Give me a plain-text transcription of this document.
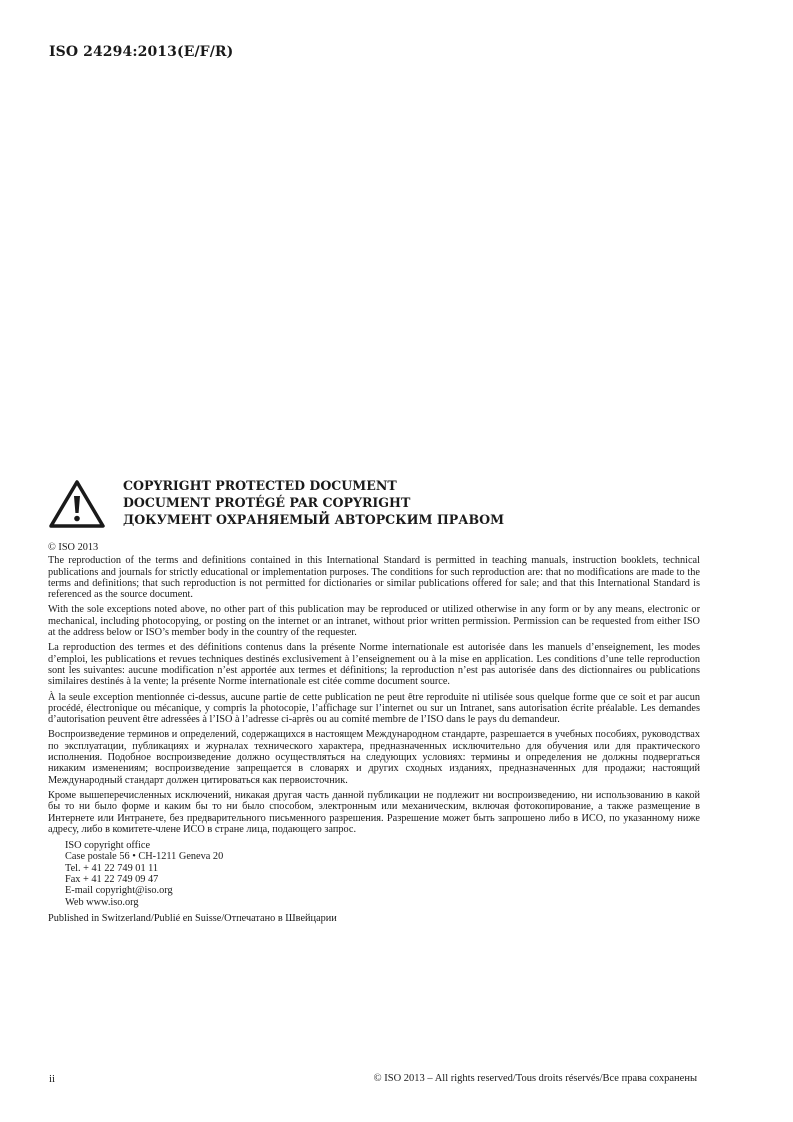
ISO 24294:2013(E/F/R)
COPYRIGHT PROTECTED DOCUMENT
DOCUMENT PROTÉGÉ PAR COPYRIGHT
ДОКУМЕНТ ОХРАНЯЕМЫЙ АВТОРСКИМ ПРАВОМ
© ISO 2013

The reproduction of the terms and definitions contained in this International Standard is permitted in teaching manuals, instruction booklets, technical publications and journals for strictly educational or implementation purposes. The conditions for such reproduction are: that no modifications are made to the terms and definitions; that such reproduction is not permitted for dictionaries or similar publications offered for sale; and that this International Standard is referenced as the source document.

With the sole exceptions noted above, no other part of this publication may be reproduced or utilized otherwise in any form or by any means, electronic or mechanical, including photocopying, or posting on the internet or an intranet, without prior written permission. Permission can be requested from either ISO at the address below or ISO’s member body in the country of the requester.

La reproduction des termes et des définitions contenus dans la présente Norme internationale est autorisée dans les manuels d’enseignement, les modes d’emploi, les publications et revues techniques destinés exclusivement à l’enseignement ou à la mise en application. Les conditions d’une telle reproduction sont les suivantes: aucune modification n’est apportée aux termes et définitions; la reproduction n’est pas autorisée dans des dictionnaires ou publications similaires destinés à la vente; la présente Norme internationale est citée comme document source.

À la seule exception mentionnée ci-dessus, aucune partie de cette publication ne peut être reproduite ni utilisée sous quelque forme que ce soit et par aucun procédé, électronique ou mécanique, y compris la photocopie, l’affichage sur l’internet ou sur un Intranet, sans autorisation écrite préalable. Les demandes d’autorisation peuvent être adressées à l’ISO à l’adresse ci-après ou au comité membre de l’ISO dans le pays du demandeur.

Воспроизведение терминов и определений, содержащихся в настоящем Международном стандарте, разрешается в учебных пособиях, руководствах по эксплуатации, публикациях и журналах технического характера, предназначенных исключительно для обучения или для практического исполнения. Подобное воспроизведение должно осуществляться на следующих условиях: термины и определения не должны подвергаться никаким изменениям; воспроизведение запрещается в словарях и других сходных изданиях, предназначенных для продажи; настоящий Международный стандарт должен цитироваться как первоисточник.

Кроме вышеперечисленных исключений, никакая другая часть данной публикации не подлежит ни воспроизведению, ни использованию в какой бы то ни было форме и каким бы то ни было способом, электронным или механическим, включая фотокопирование, а также размещение в Интернете или Интранете, без предварительного письменного разрешения. Разрешение может быть запрошено либо в ИСО, по указанному ниже адресу, либо в комитете-члене ИСО в стране лица, подающего запрос.

ISO copyright office
Case postale 56 • CH-1211 Geneva 20
Tel. + 41 22 749 01 11
Fax + 41 22 749 09 47
E-mail copyright@iso.org
Web www.iso.org
Published in Switzerland/Publié en Suisse/Отпечатано в Швейцарии
ii	© ISO 2013 – All rights reserved/Tous droits réservés/Все права сохранены
